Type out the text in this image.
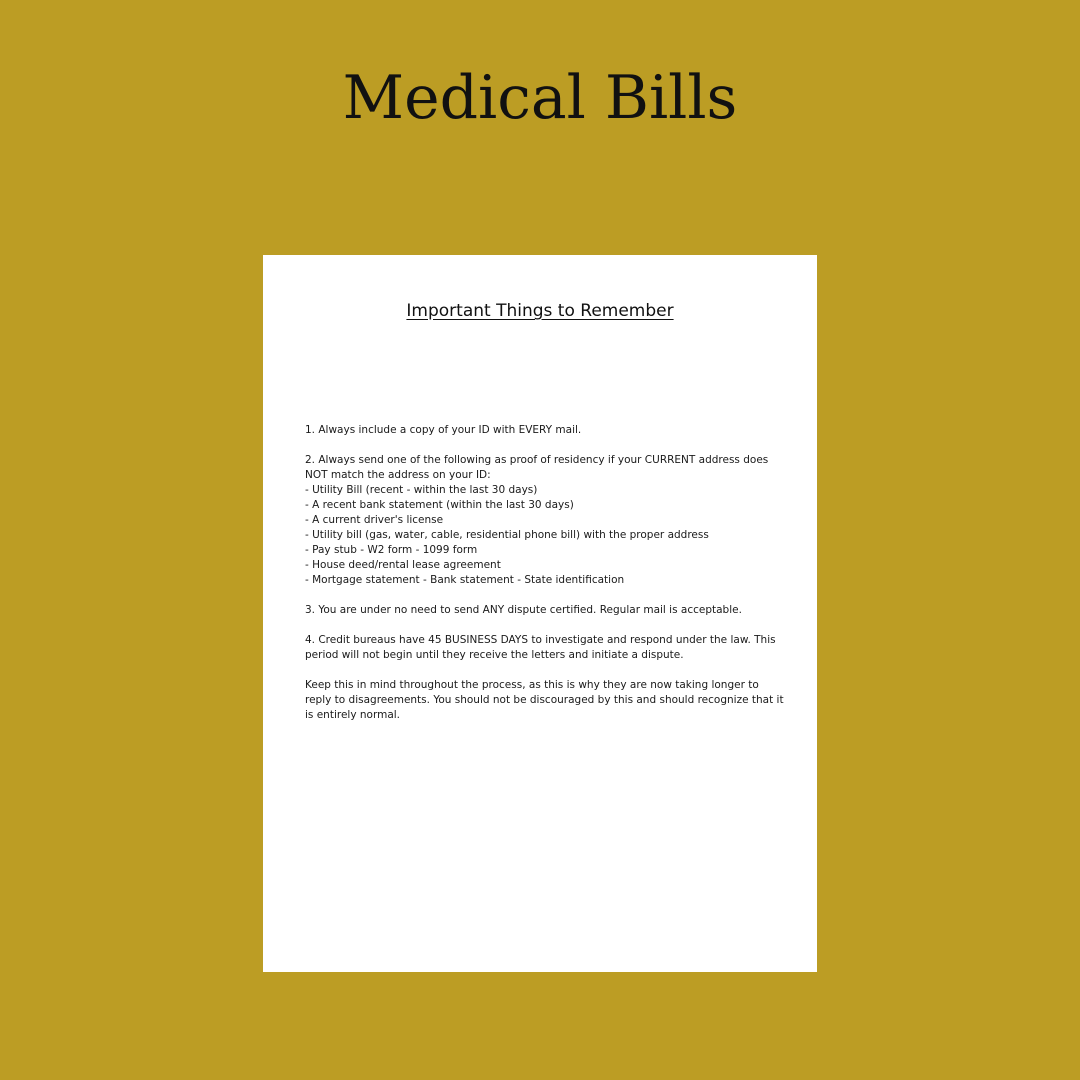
Medical Bills
Important Things to Remember

1. Always include a copy of your ID with EVERY mail.

2. Always send one of the following as proof of residency if your CURRENT address does NOT match the address on your ID:
- Utility Bill (recent - within the last 30 days)
- A recent bank statement (within the last 30 days)
- A current driver's license
- Utility bill (gas, water, cable, residential phone bill) with the proper address
- Pay stub - W2 form - 1099 form
- House deed/rental lease agreement
- Mortgage statement - Bank statement - State identification

3. You are under no need to send ANY dispute certified. Regular mail is acceptable.

4. Credit bureaus have 45 BUSINESS DAYS to investigate and respond under the law. This period will not begin until they receive the letters and initiate a dispute.

Keep this in mind throughout the process, as this is why they are now taking longer to reply to disagreements. You should not be discouraged by this and should recognize that it is entirely normal.
